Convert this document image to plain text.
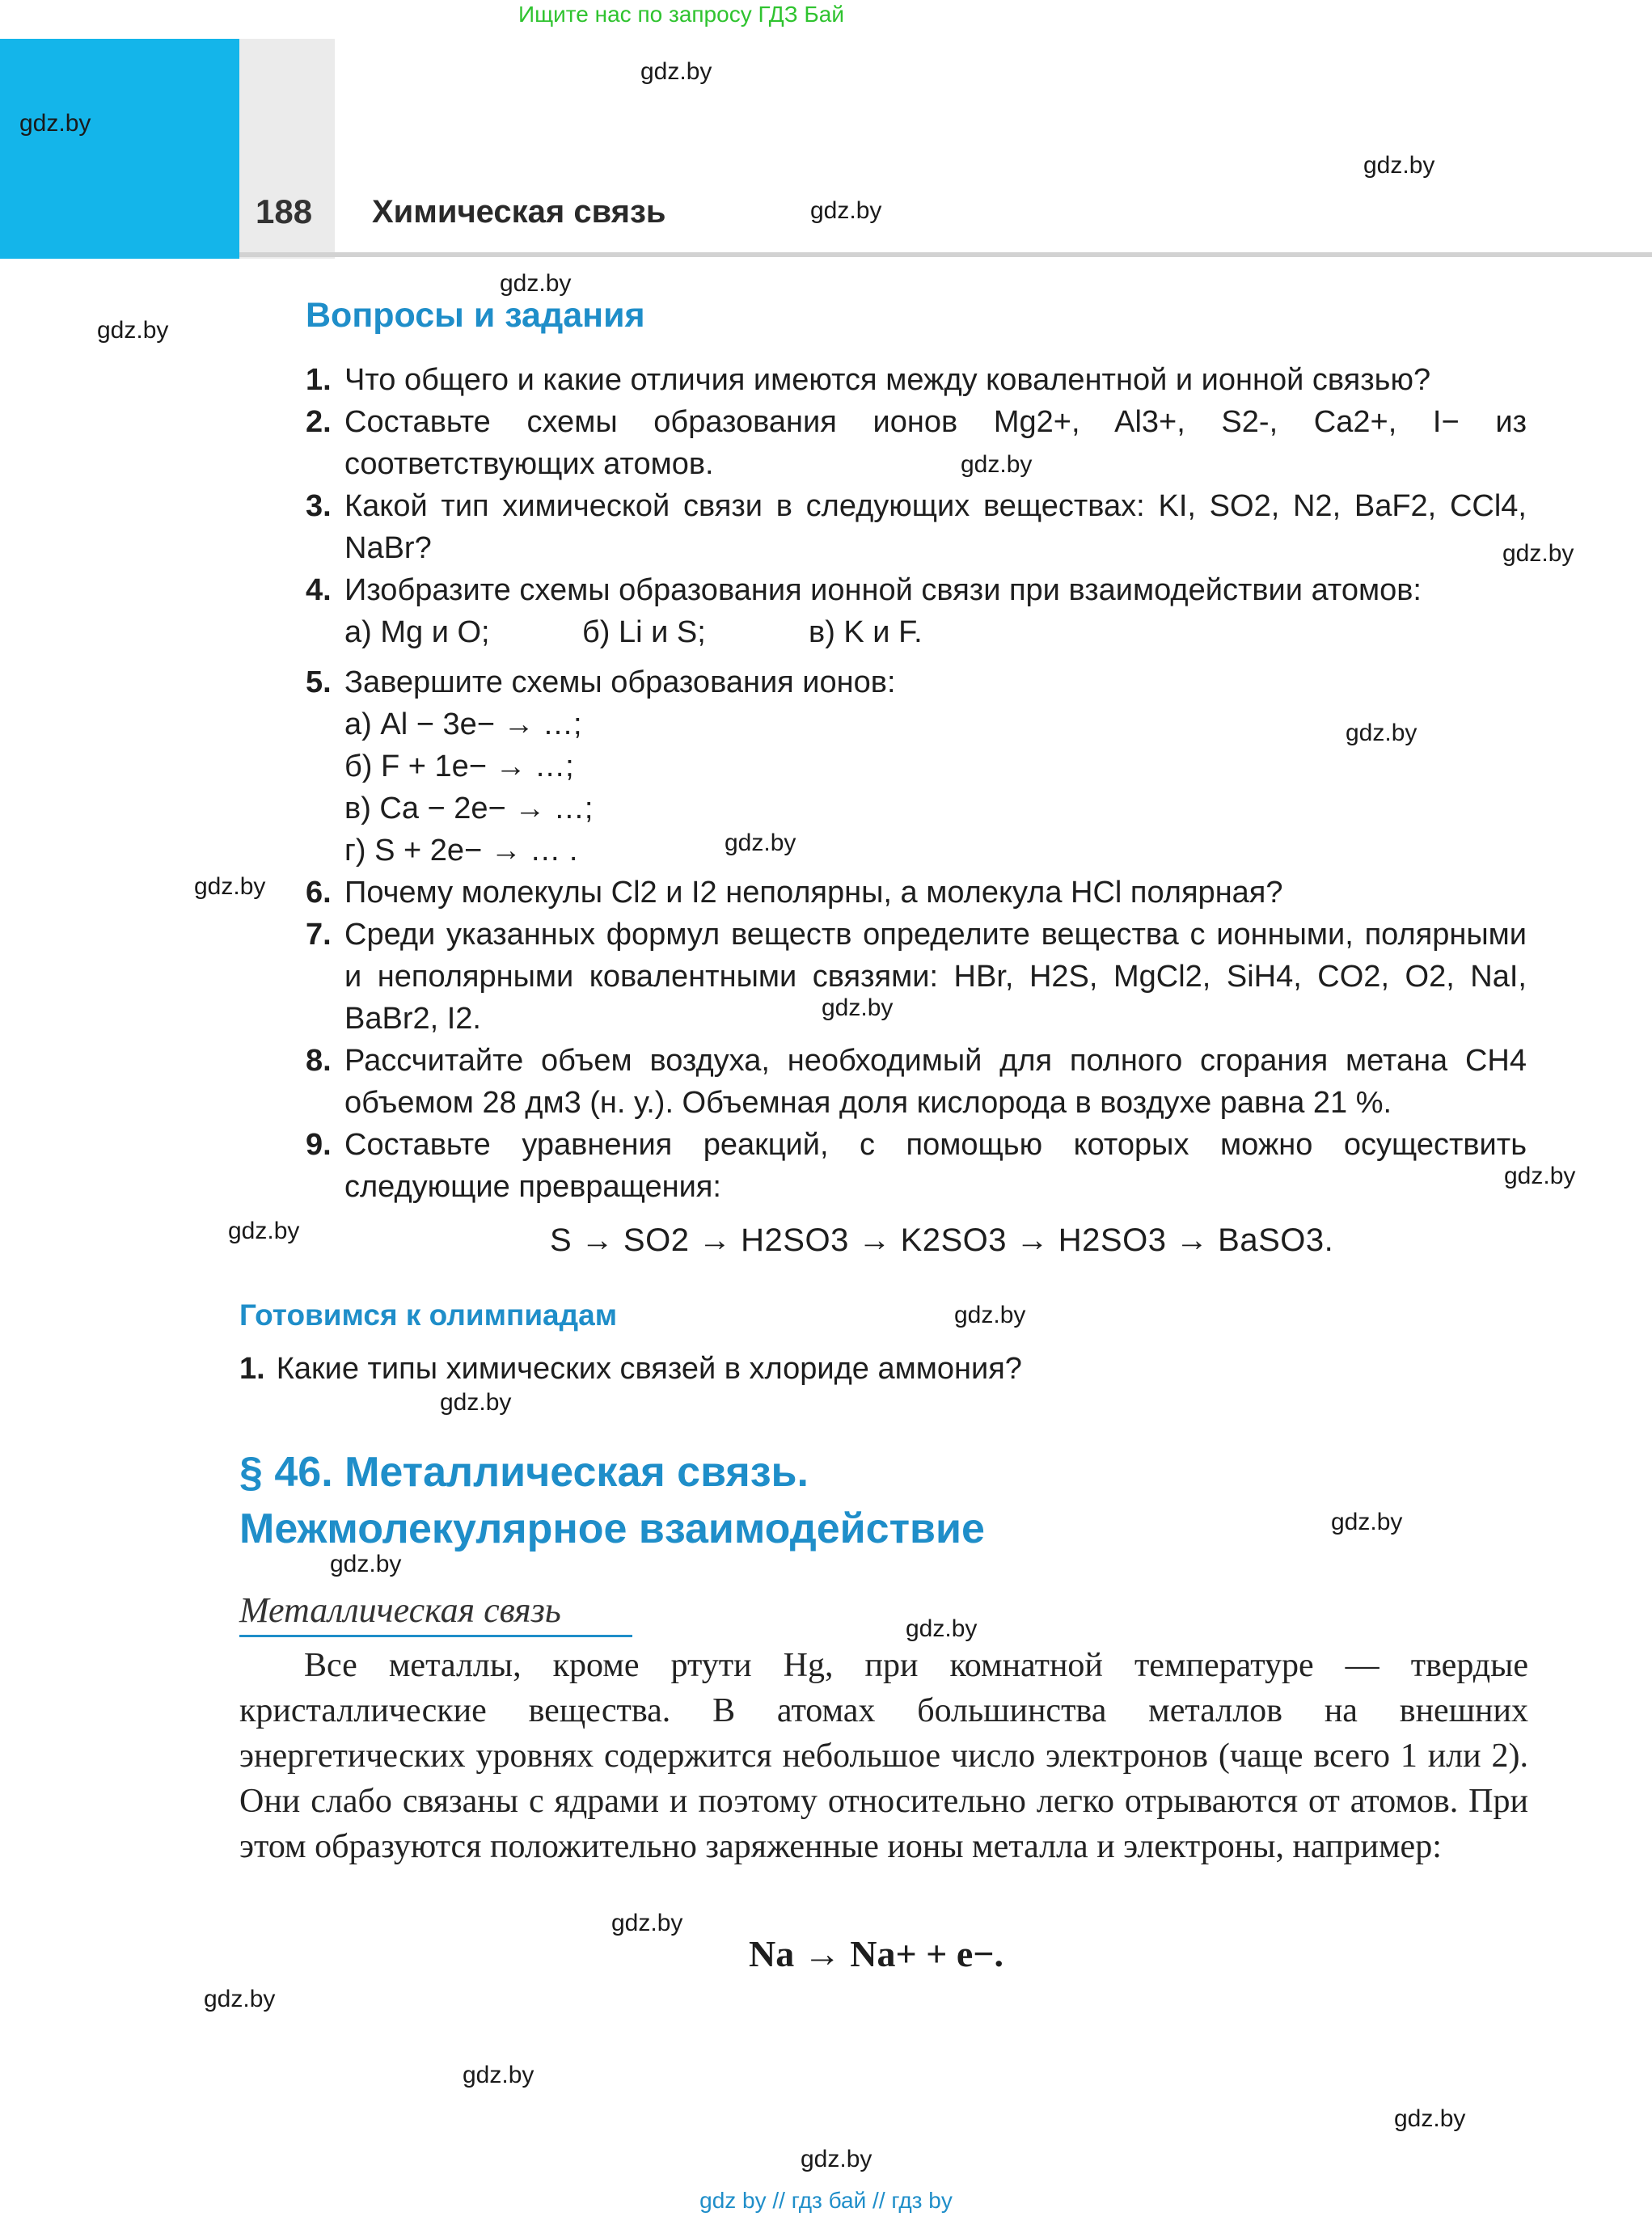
Ищите нас по запросу ГДЗ Бай
188 Химическая связь
gdz.by
gdz.by
gdz.by
gdz.by
gdz.by
gdz.by
gdz.by
gdz.by
gdz.by
gdz.by
gdz.by
gdz.by
gdz.by
gdz.by
gdz.by
gdz.by
gdz.by
gdz.by
gdz.by
gdz.by
gdz.by
gdz.by
gdz.by
gdz.by
Вопросы и задания
1. Что общего и какие отличия имеются между ковалентной и ионной связью?
2. Составьте схемы образования ионов Mg2+, Al3+, S2-, Ca2+, I− из соответствующих атомов.
3. Какой тип химической связи в следующих веществах: KI, SO2, N2, BaF2, CCl4, NaBr?
4. Изобразите схемы образования ионной связи при взаимодействии атомов:
а) Mg и O;	б) Li и S;	в) K и F.
5. Завершите схемы образования ионов:
а) Al − 3e− → …;
б) F + 1e− → …;
в) Ca − 2e− → …;
г) S + 2e− → … .
6. Почему молекулы Cl2 и I2 неполярны, а молекула HCl полярная?
7. Среди указанных формул веществ определите вещества с ионными, полярными и неполярными ковалентными связями: HBr, H2S, MgCl2, SiH4, CO2, O2, NaI, BaBr2, I2.
8. Рассчитайте объем воздуха, необходимый для полного сгорания метана CH4 объемом 28 дм3 (н. у.). Объемная доля кислорода в воздухе равна 21 %.
9. Составьте уравнения реакций, с помощью которых можно осуществить следующие превращения:
S → SO2 → H2SO3 → K2SO3 → H2SO3 → BaSO3.
Готовимся к олимпиадам
1. Какие типы химических связей в хлориде аммония?
§ 46. Металлическая связь.
Межмолекулярное взаимодействие
Металлическая связь
Все металлы, кроме ртути Hg, при комнатной температуре — твердые кристаллические вещества. В атомах большинства металлов на внешних энергетических уровнях содержится небольшое число электронов (чаще всего 1 или 2). Они слабо связаны с ядрами и поэтому относительно легко отрываются от атомов. При этом образуются положительно заряженные ионы металла и электроны, например:
Na → Na+ + e−.
gdz by // гдз бай // гдз by
